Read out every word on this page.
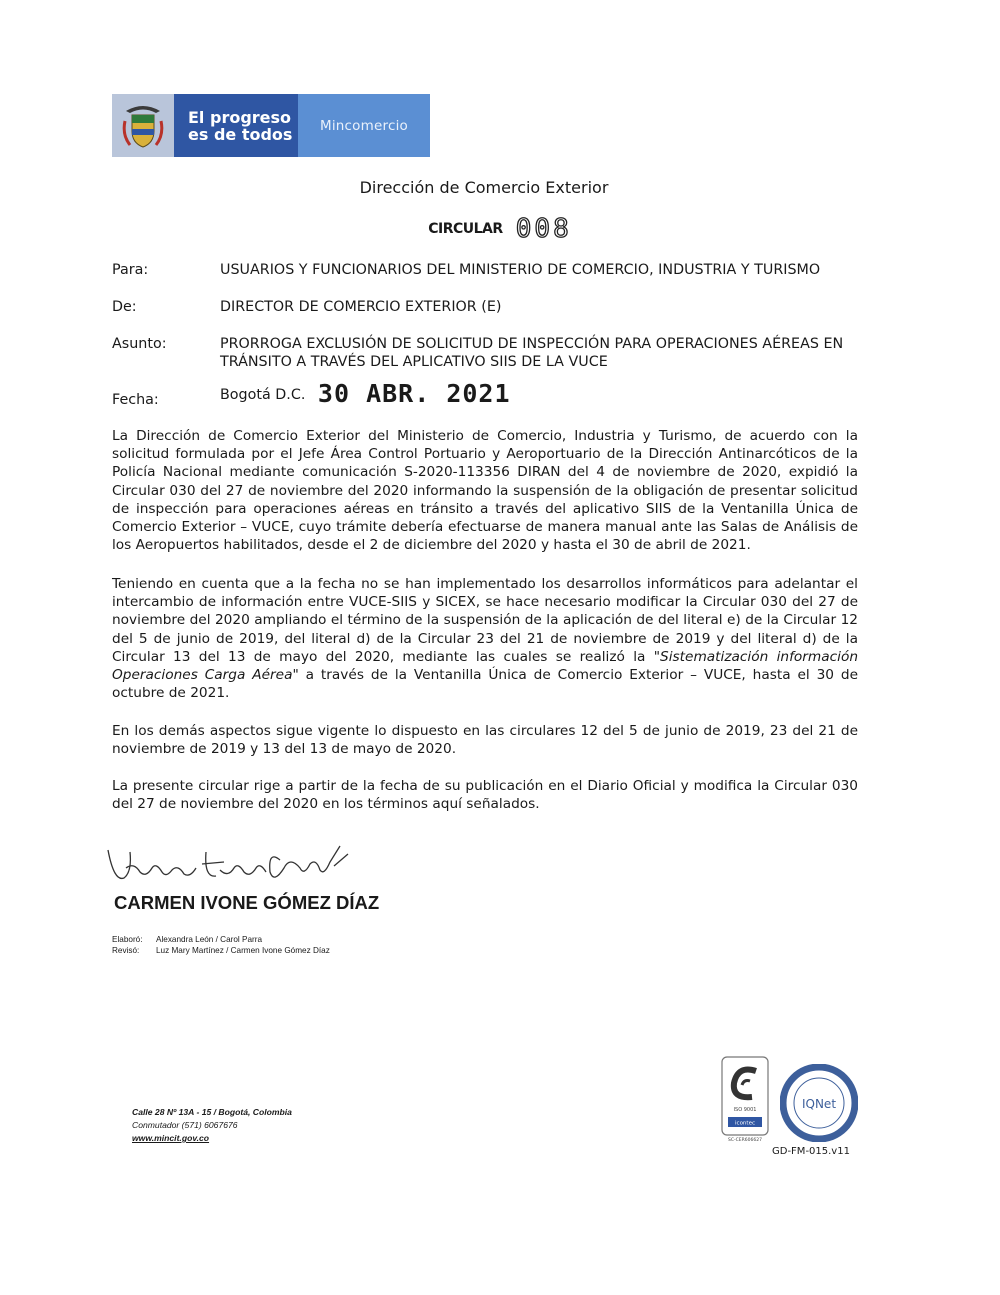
El progreso
es de todos	Mincomercio
Dirección de Comercio Exterior
CIRCULAR 008
Para:	USUARIOS Y FUNCIONARIOS DEL MINISTERIO DE COMERCIO, INDUSTRIA Y TURISMO
De:	DIRECTOR DE COMERCIO EXTERIOR (E)
Asunto:	PRORROGA EXCLUSIÓN DE SOLICITUD DE INSPECCIÓN PARA OPERACIONES AÉREAS EN TRÁNSITO A TRAVÉS DEL APLICATIVO SIIS DE LA VUCE
Fecha:	Bogotá D.C. 30 ABR. 2021
La Dirección de Comercio Exterior del Ministerio de Comercio, Industria y Turismo, de acuerdo con la solicitud formulada por el Jefe Área Control Portuario y Aeroportuario de la Dirección Antinarcóticos de la Policía Nacional mediante comunicación S-2020-113356 DIRAN del 4 de noviembre de 2020, expidió la Circular 030 del 27 de noviembre del 2020 informando la suspensión de la obligación de presentar solicitud de inspección para operaciones aéreas en tránsito a través del aplicativo SIIS de la Ventanilla Única de Comercio Exterior – VUCE, cuyo trámite debería efectuarse de manera manual ante las Salas de Análisis de los Aeropuertos habilitados, desde el 2 de diciembre del 2020 y hasta el 30 de abril de 2021.
Teniendo en cuenta que a la fecha no se han implementado los desarrollos informáticos para adelantar el intercambio de información entre VUCE-SIIS y SICEX, se hace necesario modificar la Circular 030 del 27 de noviembre del 2020 ampliando el término de la suspensión de la aplicación de del literal e) de la Circular 12 del 5 de junio de 2019, del literal d) de la Circular 23 del 21 de noviembre de 2019 y del literal d) de la Circular 13 del 13 de mayo del 2020, mediante las cuales se realizó la "Sistematización información Operaciones Carga Aérea" a través de la Ventanilla Única de Comercio Exterior – VUCE, hasta el 30 de octubre de 2021.
En los demás aspectos sigue vigente lo dispuesto en las circulares 12 del 5 de junio de 2019, 23 del 21 de noviembre de 2019 y 13 del 13 de mayo de 2020.
La presente circular rige a partir de la fecha de su publicación en el Diario Oficial y modifica la Circular 030 del 27 de noviembre del 2020 en los términos aquí señalados.
CARMEN IVONE GÓMEZ DÍAZ
Elaboró: Alexandra León / Carol Parra
Revisó: Luz Mary Martínez / Carmen Ivone Gómez Díaz
Calle 28 Nº 13A - 15 / Bogotá, Colombia
Conmutador (571) 6067676
www.mincit.gov.co
ISO 9001
icontec
SC-CER606627
IQNet
GD-FM-015.v11
